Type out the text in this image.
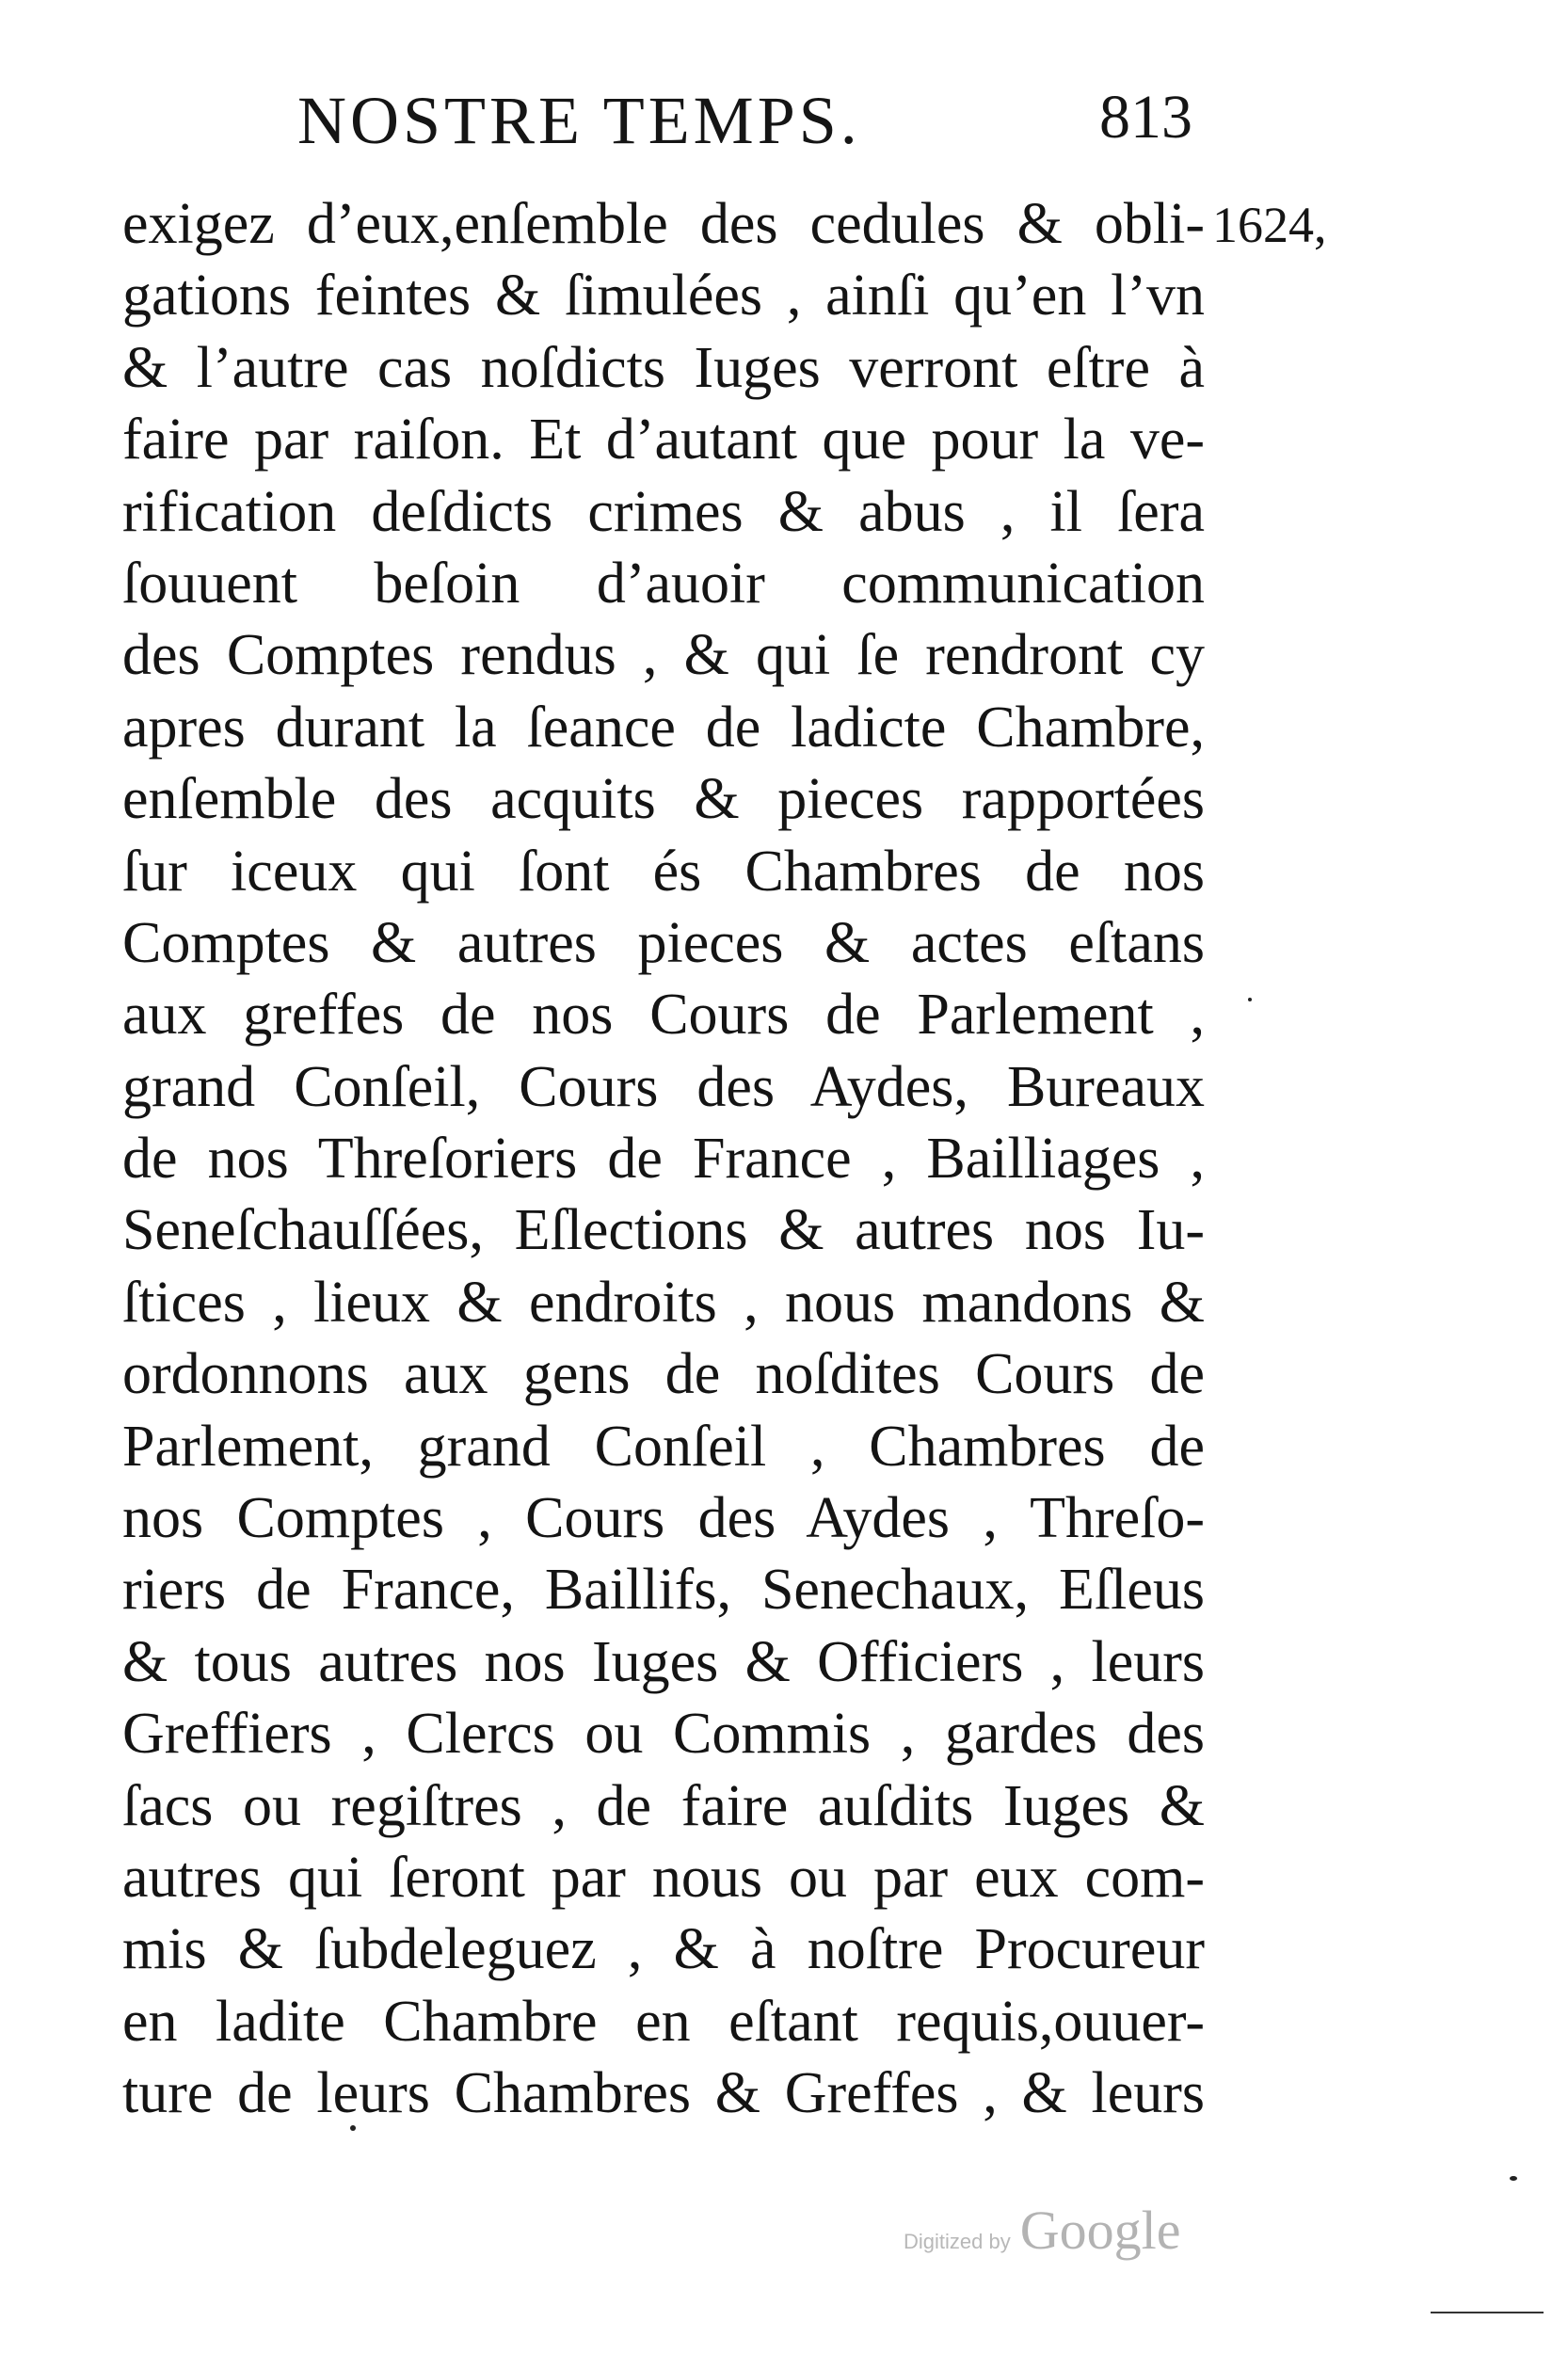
NOSTRE TEMPS.	813
1624,
exigez d’eux,enſemble des cedules & obli-
gations feintes & ſimulées , ainſi qu’en l’vn
& l’autre cas noſdicts Iuges verront eſtre à
faire par raiſon. Et d’autant que pour la ve-
rification deſdicts crimes & abus , il ſera
ſouuent beſoin d’auoir communication
des Comptes rendus , & qui ſe rendront cy
apres durant la ſeance de ladicte Chambre,
enſemble des acquits & pieces rapportées
ſur iceux qui ſont és Chambres de nos
Comptes & autres pieces & actes eſtans
aux greffes de nos Cours de Parlement ,
grand Conſeil, Cours des Aydes, Bureaux
de nos Threſoriers de France , Bailliages ,
Seneſchauſſées, Eſlections & autres nos Iu-
ſtices , lieux & endroits , nous mandons &
ordonnons aux gens de noſdites Cours de
Parlement, grand Conſeil , Chambres de
nos Comptes , Cours des Aydes , Threſo-
riers de France, Baillifs, Senechaux, Eſleus
& tous autres nos Iuges & Officiers , leurs
Greffiers , Clercs ou Commis , gardes des
ſacs ou regiſtres , de faire auſdits Iuges &
autres qui ſeront par nous ou par eux com-
mis & ſubdeleguez , & à noſtre Procureur
en ladite Chambre en eſtant requis,ouuer-
ture de leurs Chambres & Greffes , & leurs
Digitized by Google
